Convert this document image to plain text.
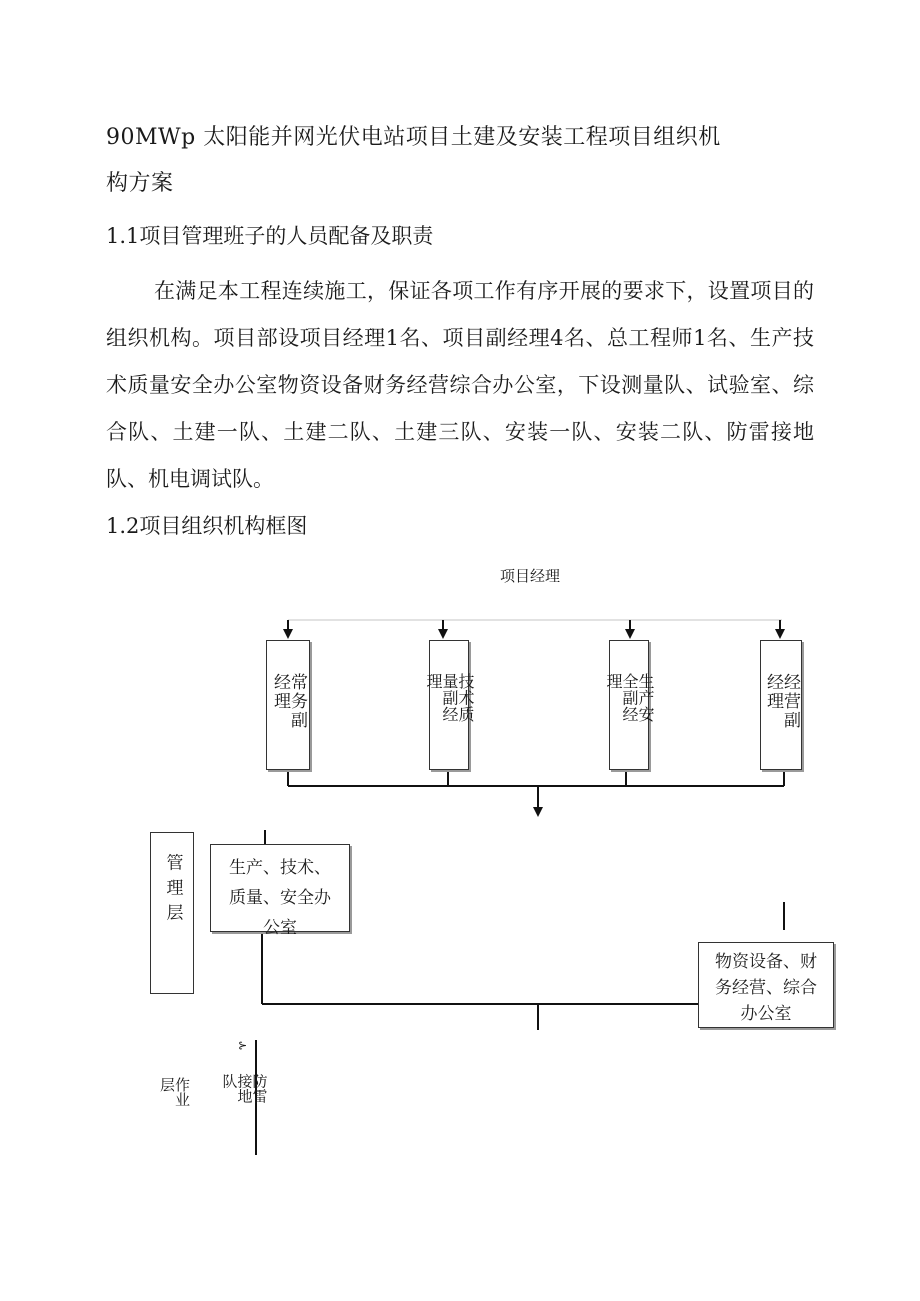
90MWp 太阳能并网光伏电站项目土建及安装工程项目组织机
构方案
1.1项目管理班子的人员配备及职责
在满足本工程连续施工，保证各项工作有序开展的要求下，设置项目的组织机构。项目部设项目经理1名、项目副经理4名、总工程师1名、生产技术质量安全办公室物资设备财务经营综合办公室，下设测量队、试验室、综合队、土建一队、土建二队、土建三队、安装一队、安装二队、防雷接地队、机电调试队。
1.2项目组织机构框图
项目经理
常务副经理	技术质量副经理	生产安全副经理	经营副经理
管理层	生产、技术、质量、安全办公室
物资设备、财务经营、综合办公室
作业层
⊱
防雷接地队
